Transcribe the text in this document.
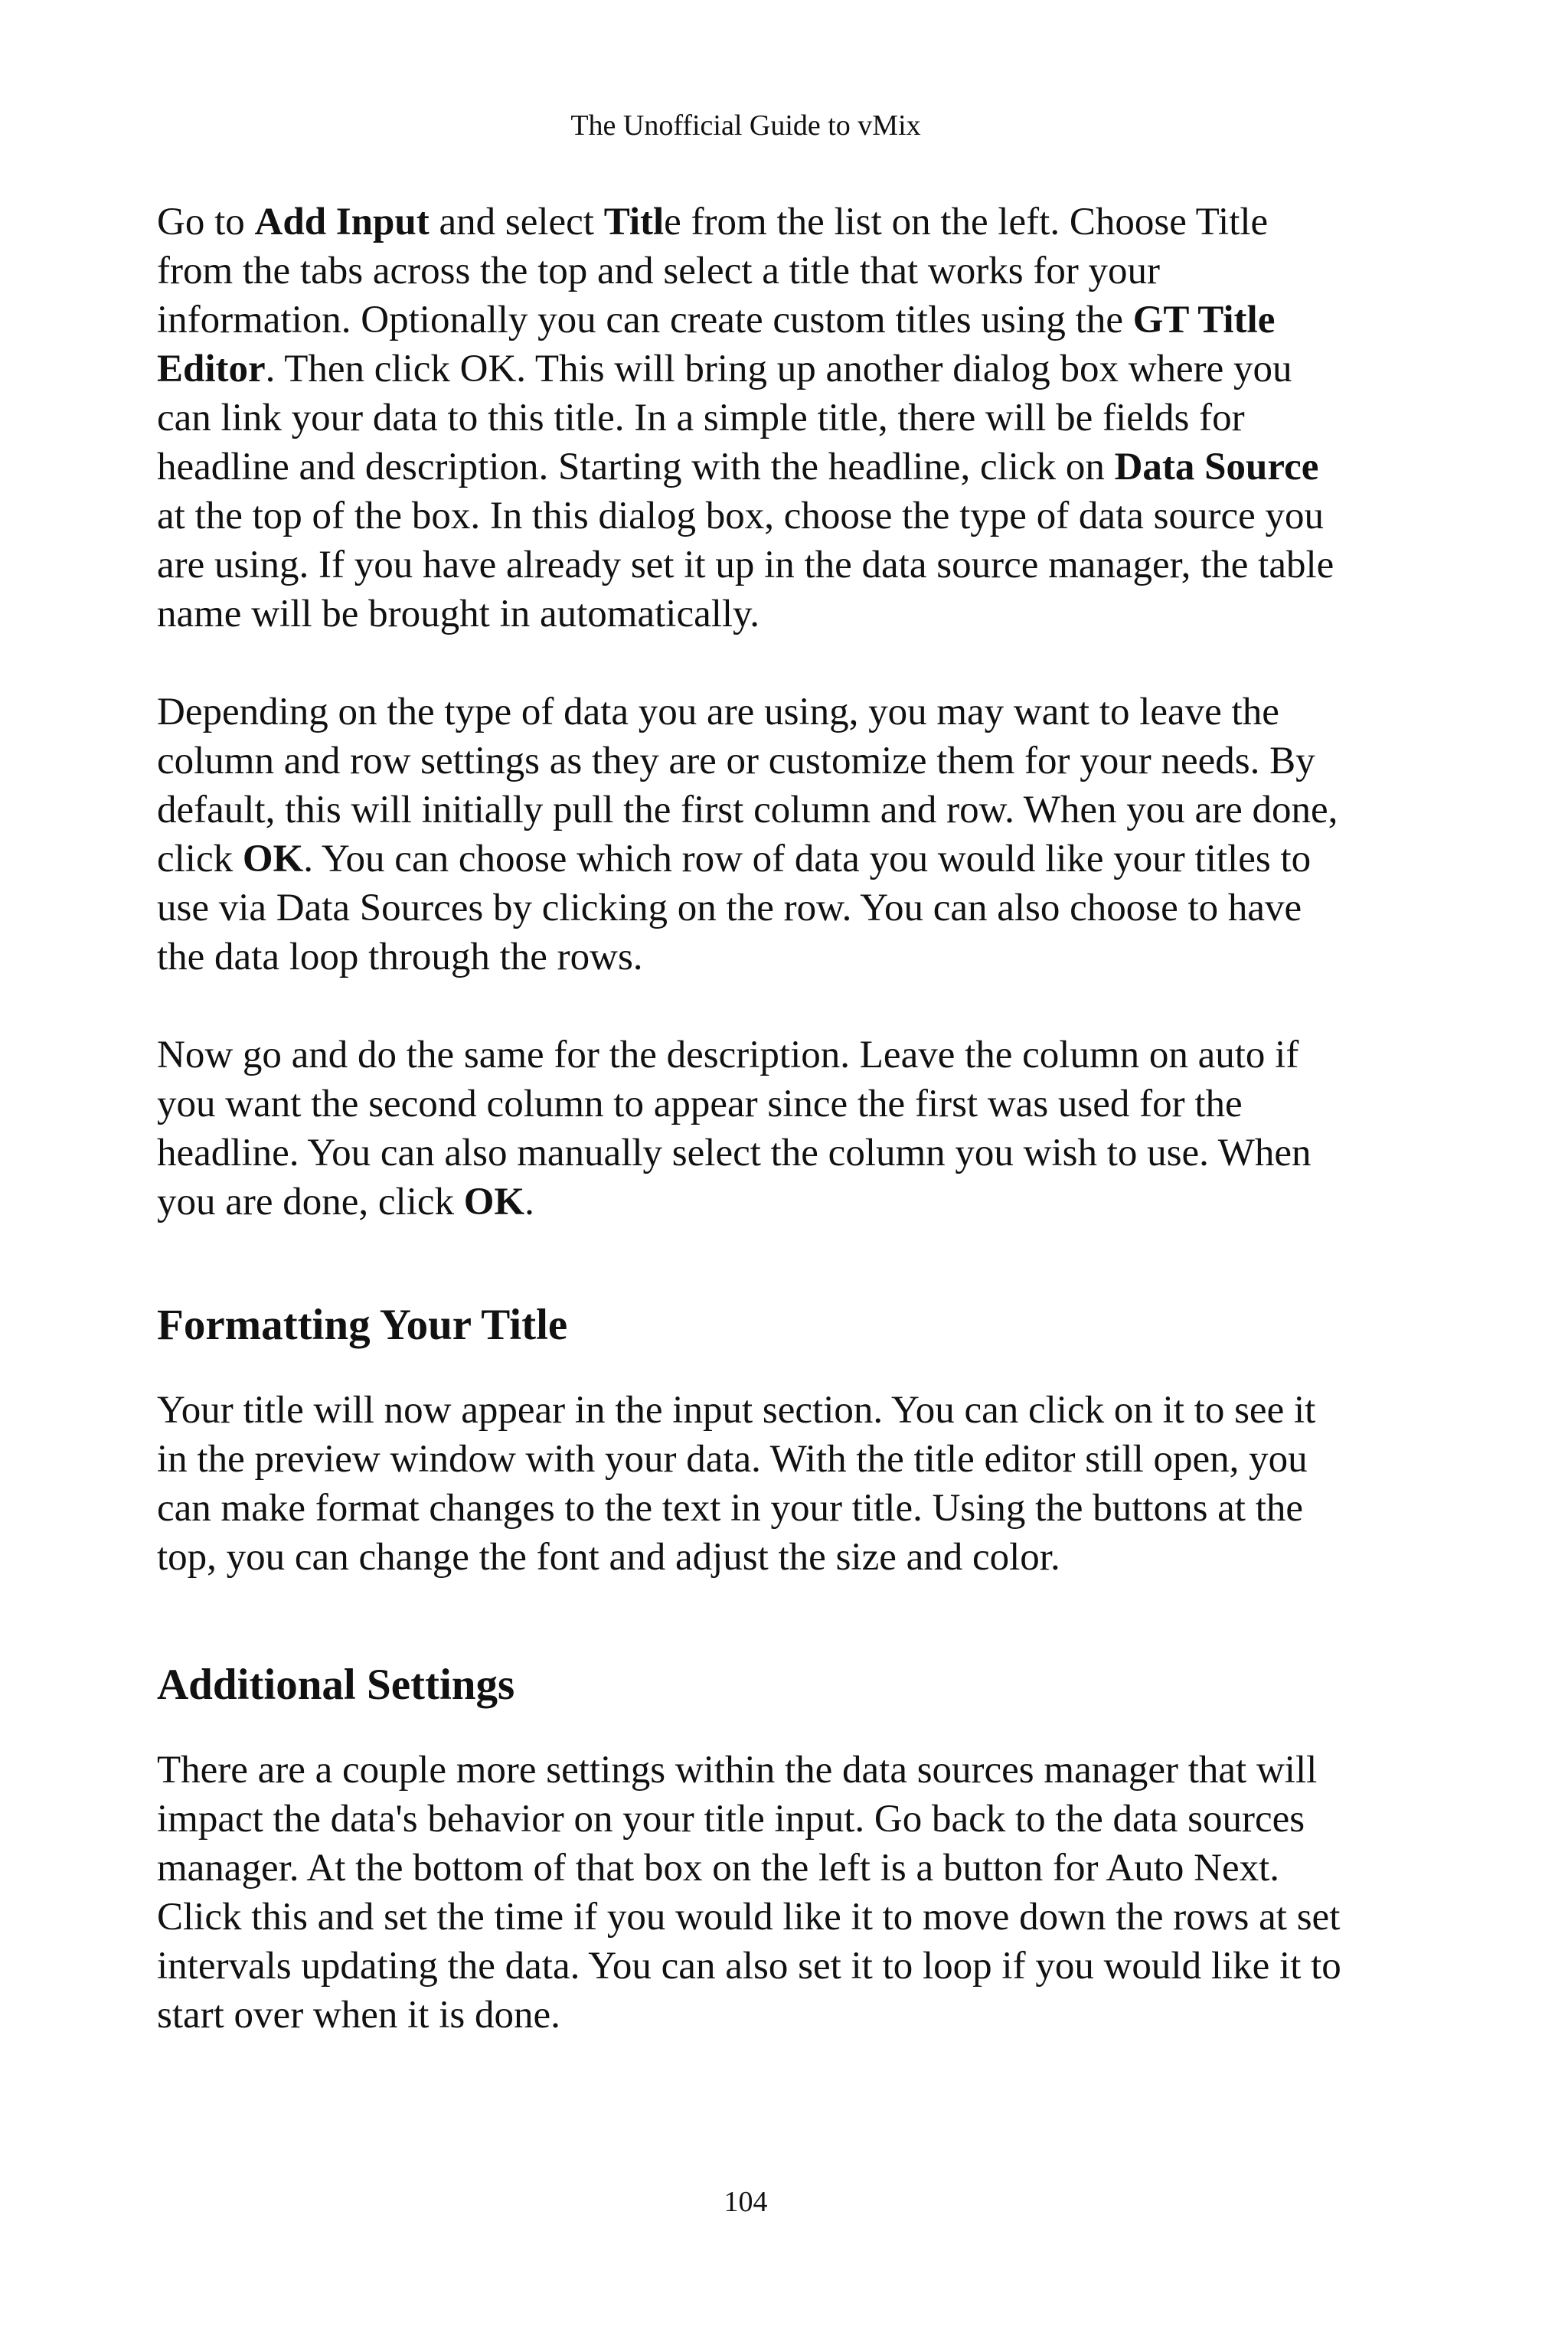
The Unofficial Guide to vMix

Go to Add Input and select Title from the list on the left. Choose Title from the tabs across the top and select a title that works for your information. Optionally you can create custom titles using the GT Title Editor. Then click OK. This will bring up another dialog box where you can link your data to this title. In a simple title, there will be fields for headline and description. Starting with the headline, click on Data Source at the top of the box. In this dialog box, choose the type of data source you are using. If you have already set it up in the data source manager, the table name will be brought in automatically.

Depending on the type of data you are using, you may want to leave the column and row settings as they are or customize them for your needs. By default, this will initially pull the first column and row. When you are done, click OK. You can choose which row of data you would like your titles to use via Data Sources by clicking on the row. You can also choose to have the data loop through the rows.

Now go and do the same for the description. Leave the column on auto if you want the second column to appear since the first was used for the headline. You can also manually select the column you wish to use. When you are done, click OK.

Formatting Your Title

Your title will now appear in the input section. You can click on it to see it in the preview window with your data. With the title editor still open, you can make format changes to the text in your title. Using the buttons at the top, you can change the font and adjust the size and color.

Additional Settings

There are a couple more settings within the data sources manager that will impact the data's behavior on your title input. Go back to the data sources manager. At the bottom of that box on the left is a button for Auto Next. Click this and set the time if you would like it to move down the rows at set intervals updating the data. You can also set it to loop if you would like it to start over when it is done.

104
